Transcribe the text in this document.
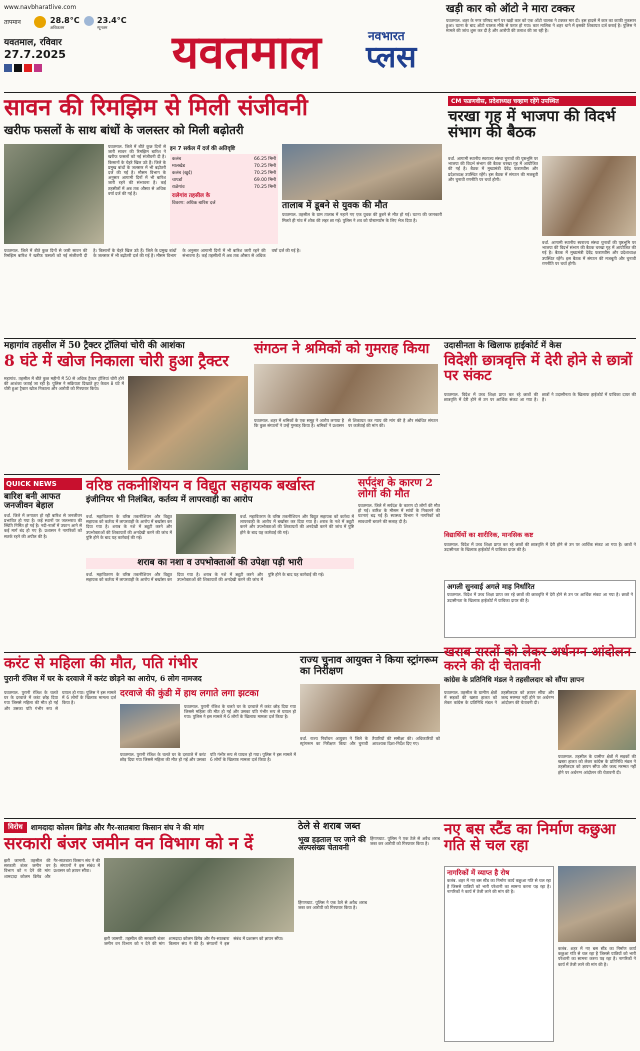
www.navbharatlive.com
तापमान	28.8°C
अधिकतम
23.4°C
न्यूनतम
यवतमाल, रविवार
27.7.2025 यवतमाल	नवभारत
प्लस
खड़ी कार को ऑटो ने मारा टक्कर
यवतमाल. शहर के नगर परिषद मार्ग पर खड़ी कार को एक ऑटो चालक ने टक्कर मार दी। इस हादसे में कार का काफी नुकसान हुआ। घटना के बाद ऑटो चालक मौके से फरार हो गया। कार मालिक ने शहर थाने में इसकी शिकायत दर्ज कराई है। पुलिस ने मामले की जांच शुरू कर दी है और आरोपी की तलाश की जा रही है।
सावन की रिमझिम से मिली संजीवनी
खरीफ फसलों के साथ बांधों के जलस्तर को मिली बढ़ोतरी
यवतमाल. जिले में बीते कुछ दिनों से जारी सावन की रिमझिम बारिश ने खरीफ फसलों को नई संजीवनी दी है। किसानों के चेहरे खिल उठे हैं। जिले के प्रमुख बांधों के जलस्तर में भी बढ़ोतरी दर्ज की गई है। मौसम विभाग के अनुसार आगामी दिनों में भी बारिश जारी रहने की संभावना है। कई तहसीलों में अब तक औसत से अधिक वर्षा दर्ज की गई है।
इन 7 सर्कल में दर्ज की अतिवृष्टि
कलंब	66.25 मिमी
मालखेड	70.25 मिमी
कलंब (खुर्द)	70.25 मिमी
चापर्डा	69.00 मिमी
राळेगांव	70.25 मिमी
रालेगांव तहसील के
विवरण: अधिक बारिश दर्ज	तालाब में डूबने से युवक की मौत
यवतमाल. तहसील के ग्राम तालाब में नहाने गए एक युवक की डूबने से मौत हो गई। घटना की जानकारी मिलते ही गांव में शोक की लहर छा गई। पुलिस ने शव को पोस्टमार्टम के लिए भेज दिया है।
यवतमाल. जिले में बीते कुछ दिनों से जारी सावन की रिमझिम बारिश ने खरीफ फसलों को नई संजीवनी दी है। किसानों के चेहरे खिल उठे हैं। जिले के प्रमुख बांधों के जलस्तर में भी बढ़ोतरी दर्ज की गई है। मौसम विभाग के अनुसार आगामी दिनों में भी बारिश जारी रहने की संभावना है। कई तहसीलों में अब तक औसत से अधिक वर्षा दर्ज की गई है।
CM फडणवीस, प्रदेशाध्यक्ष चव्हाण रहेंगे उपस्थित
चरखा गृह में भाजपा की विदर्भ संभाग की बैठक
वर्धा. आगामी स्थानीय स्वराज्य संस्था चुनावों की पृष्ठभूमि पर भाजपा की विदर्भ संभाग की बैठक चरखा गृह में आयोजित की गई है। बैठक में मुख्यमंत्री देवेंद्र फडणवीस और प्रदेशाध्यक्ष उपस्थित रहेंगे। इस बैठक में संगठन की मजबूती और चुनावी रणनीति पर चर्चा होगी।
वर्धा. आगामी स्थानीय स्वराज्य संस्था चुनावों की पृष्ठभूमि पर भाजपा की विदर्भ संभाग की बैठक चरखा गृह में आयोजित की गई है। बैठक में मुख्यमंत्री देवेंद्र फडणवीस और प्रदेशाध्यक्ष उपस्थित रहेंगे। इस बैठक में संगठन की मजबूती और चुनावी रणनीति पर चर्चा होगी।
महागांव तहसील में 50 ट्रैक्टर ट्रॉलियां चोरी की आशंका
8 घंटे में खोज निकाला चोरी हुआ ट्रैक्टर
महागांव. तहसील में बीते कुछ महीनों में 50 से अधिक ट्रैक्टर ट्रॉलियां चोरी होने की आशंका जताई जा रही है। पुलिस ने सक्रियता दिखाते हुए केवल 8 घंटे में चोरी हुआ ट्रैक्टर खोज निकाला और आरोपी को गिरफ्तार किया।
संगठन ने श्रमिकों को गुमराह किया
यवतमाल. शहर में श्रमिकों के एक समूह ने आरोप लगाया है कि कुछ संगठनों ने उन्हें गुमराह किया है। श्रमिकों ने प्रशासन से शिकायत कर न्याय की मांग की है और संबंधित संगठन पर कार्रवाई की मांग की।
उदासीनता के खिलाफ हाईकोर्ट में केस
विदेशी छात्रवृत्ति में देरी होने से छात्रों पर संकट
यवतमाल. विदेश में उच्च शिक्षा प्राप्त कर रहे छात्रों की छात्रवृत्ति में देरी होने से उन पर आर्थिक संकट आ गया है। छात्रों ने उदासीनता के खिलाफ हाईकोर्ट में याचिका दायर की है।
विद्यार्थियों का शारीरिक, मानसिक कष्ट
यवतमाल. विदेश में उच्च शिक्षा प्राप्त कर रहे छात्रों की छात्रवृत्ति में देरी होने से उन पर आर्थिक संकट आ गया है। छात्रों ने उदासीनता के खिलाफ हाईकोर्ट में याचिका दायर की है।
अगली सुनवाई अगले माह निर्धारित
यवतमाल. विदेश में उच्च शिक्षा प्राप्त कर रहे छात्रों की छात्रवृत्ति में देरी होने से उन पर आर्थिक संकट आ गया है। छात्रों ने उदासीनता के खिलाफ हाईकोर्ट में याचिका दायर की है।
QUICK NEWS
बारिश बनी आफत जनजीवन बेहाल
वर्धा. जिले में लगातार हो रही बारिश से जनजीवन प्रभावित हो गया है। कई स्थानों पर जलभराव की स्थिति निर्मित हो गई है। नदी-नालों में उफान आने से कई मार्ग बंद हो गए हैं। प्रशासन ने नागरिकों को सतर्क रहने की अपील की है।
वरिष्ठ तकनीशियन व विद्युत सहायक बर्खास्त
इंजीनियर भी निलंबित, कर्तव्य में लापरवाही का आरोप
वर्धा. महावितरण के वरिष्ठ तकनीशियन और विद्युत सहायक को कर्तव्य में लापरवाही के आरोप में बर्खास्त कर दिया गया है। शराब के नशे में ड्यूटी करने और उपभोक्ताओं की शिकायतों की अनदेखी करने की जांच में पुष्टि होने के बाद यह कार्रवाई की गई।
वर्धा. महावितरण के वरिष्ठ तकनीशियन और विद्युत सहायक को कर्तव्य में लापरवाही के आरोप में बर्खास्त कर दिया गया है। शराब के नशे में ड्यूटी करने और उपभोक्ताओं की शिकायतों की अनदेखी करने की जांच में पुष्टि होने के बाद यह कार्रवाई की गई।
शराब का नशा व उपभोक्ताओं की उपेक्षा पड़ी भारी
वर्धा. महावितरण के वरिष्ठ तकनीशियन और विद्युत सहायक को कर्तव्य में लापरवाही के आरोप में बर्खास्त कर दिया गया है। शराब के नशे में ड्यूटी करने और उपभोक्ताओं की शिकायतों की अनदेखी करने की जांच में पुष्टि होने के बाद यह कार्रवाई की गई।
सर्पदंश के कारण 2 लोगों की मौत
यवतमाल. जिले में सर्पदंश के कारण दो लोगों की मौत हो गई। बारिश के मौसम में सांपों के निकलने की घटनाएं बढ़ गई हैं। स्वास्थ्य विभाग ने नागरिकों को सावधानी बरतने की सलाह दी है।
करंट से महिला की मौत, पति गंभीर
पुरानी रंजिश में घर के दरवाजे में करंट छोड़ने का आरोप, 6 लोग नामजद
यवतमाल. पुरानी रंजिश के चलते घर के दरवाजे में करंट छोड़ दिया गया जिससे महिला की मौत हो गई और उसका पति गंभीर रूप से घायल हो गया। पुलिस ने इस मामले में 6 लोगों के खिलाफ मामला दर्ज किया है।
दरवाजे की कुंडी में हाथ लगाते लगा झटका
यवतमाल. पुरानी रंजिश के चलते घर के दरवाजे में करंट छोड़ दिया गया जिससे महिला की मौत हो गई और उसका पति गंभीर रूप से घायल हो गया। पुलिस ने इस मामले में 6 लोगों के खिलाफ मामला दर्ज किया है।
यवतमाल. पुरानी रंजिश के चलते घर के दरवाजे में करंट छोड़ दिया गया जिससे महिला की मौत हो गई और उसका पति गंभीर रूप से घायल हो गया। पुलिस ने इस मामले में 6 लोगों के खिलाफ मामला दर्ज किया है।
राज्य चुनाव आयुक्त ने किया स्ट्रांगरूम का निरीक्षण
वर्धा. राज्य निर्वाचन आयुक्त ने जिले के स्ट्रांगरूम का निरीक्षण किया और चुनावी तैयारियों की समीक्षा की। अधिकारियों को आवश्यक दिशा-निर्देश दिए गए।
खराब रास्तों को लेकर अर्धनग्न आंदोलन करने की दी चेतावनी
कांग्रेस के प्रतिनिधि मंडल ने तहसीलदार को सौंपा ज्ञापन
यवतमाल. तहसील के ग्रामीण क्षेत्रों में सड़कों की खस्ता हालत को लेकर कांग्रेस के प्रतिनिधि मंडल ने तहसीलदार को ज्ञापन सौंपा और जल्द मरम्मत नहीं होने पर अर्धनग्न आंदोलन की चेतावनी दी।
यवतमाल. तहसील के ग्रामीण क्षेत्रों में सड़कों की खस्ता हालत को लेकर कांग्रेस के प्रतिनिधि मंडल ने तहसीलदार को ज्ञापन सौंपा और जल्द मरम्मत नहीं होने पर अर्धनग्न आंदोलन की चेतावनी दी।
विरोध	शामदादा कोलम ब्रिगेड और गैर-सातबारा किसान संघ ने की मांग
सरकारी बंजर जमीन वन विभाग को न दें
झरी जामणी. तहसील की सरकारी बंजर जमीन वन विभाग को न देने की मांग शामदादा कोलम ब्रिगेड और गैर-सातबारा किसान संघ ने की है। संगठनों ने इस संबंध में प्रशासन को ज्ञापन सौंपा।
झरी जामणी. तहसील की सरकारी बंजर जमीन वन विभाग को न देने की मांग शामदादा कोलम ब्रिगेड और गैर-सातबारा किसान संघ ने की है। संगठनों ने इस संबंध में प्रशासन को ज्ञापन सौंपा।
ठेले से शराब जब्त
हिंगणघाट. पुलिस ने एक ठेले से अवैध शराब जब्त कर आरोपी को गिरफ्तार किया है।
भूख हड़ताल पर जाने की अल्पसंख्य चेतावनी
हिंगणघाट. पुलिस ने एक ठेले से अवैध शराब जब्त कर आरोपी को गिरफ्तार किया है।
नए बस स्टैंड का निर्माण कछुआ गति से चल रहा
नागरिकों में व्याप्त है रोष
कलंब. शहर में नए बस स्टैंड का निर्माण कार्य कछुआ गति से चल रहा है जिससे यात्रियों को भारी परेशानी का सामना करना पड़ रहा है। नागरिकों ने कार्य में तेजी लाने की मांग की है।
कलंब. शहर में नए बस स्टैंड का निर्माण कार्य कछुआ गति से चल रहा है जिससे यात्रियों को भारी परेशानी का सामना करना पड़ रहा है। नागरिकों ने कार्य में तेजी लाने की मांग की है।
